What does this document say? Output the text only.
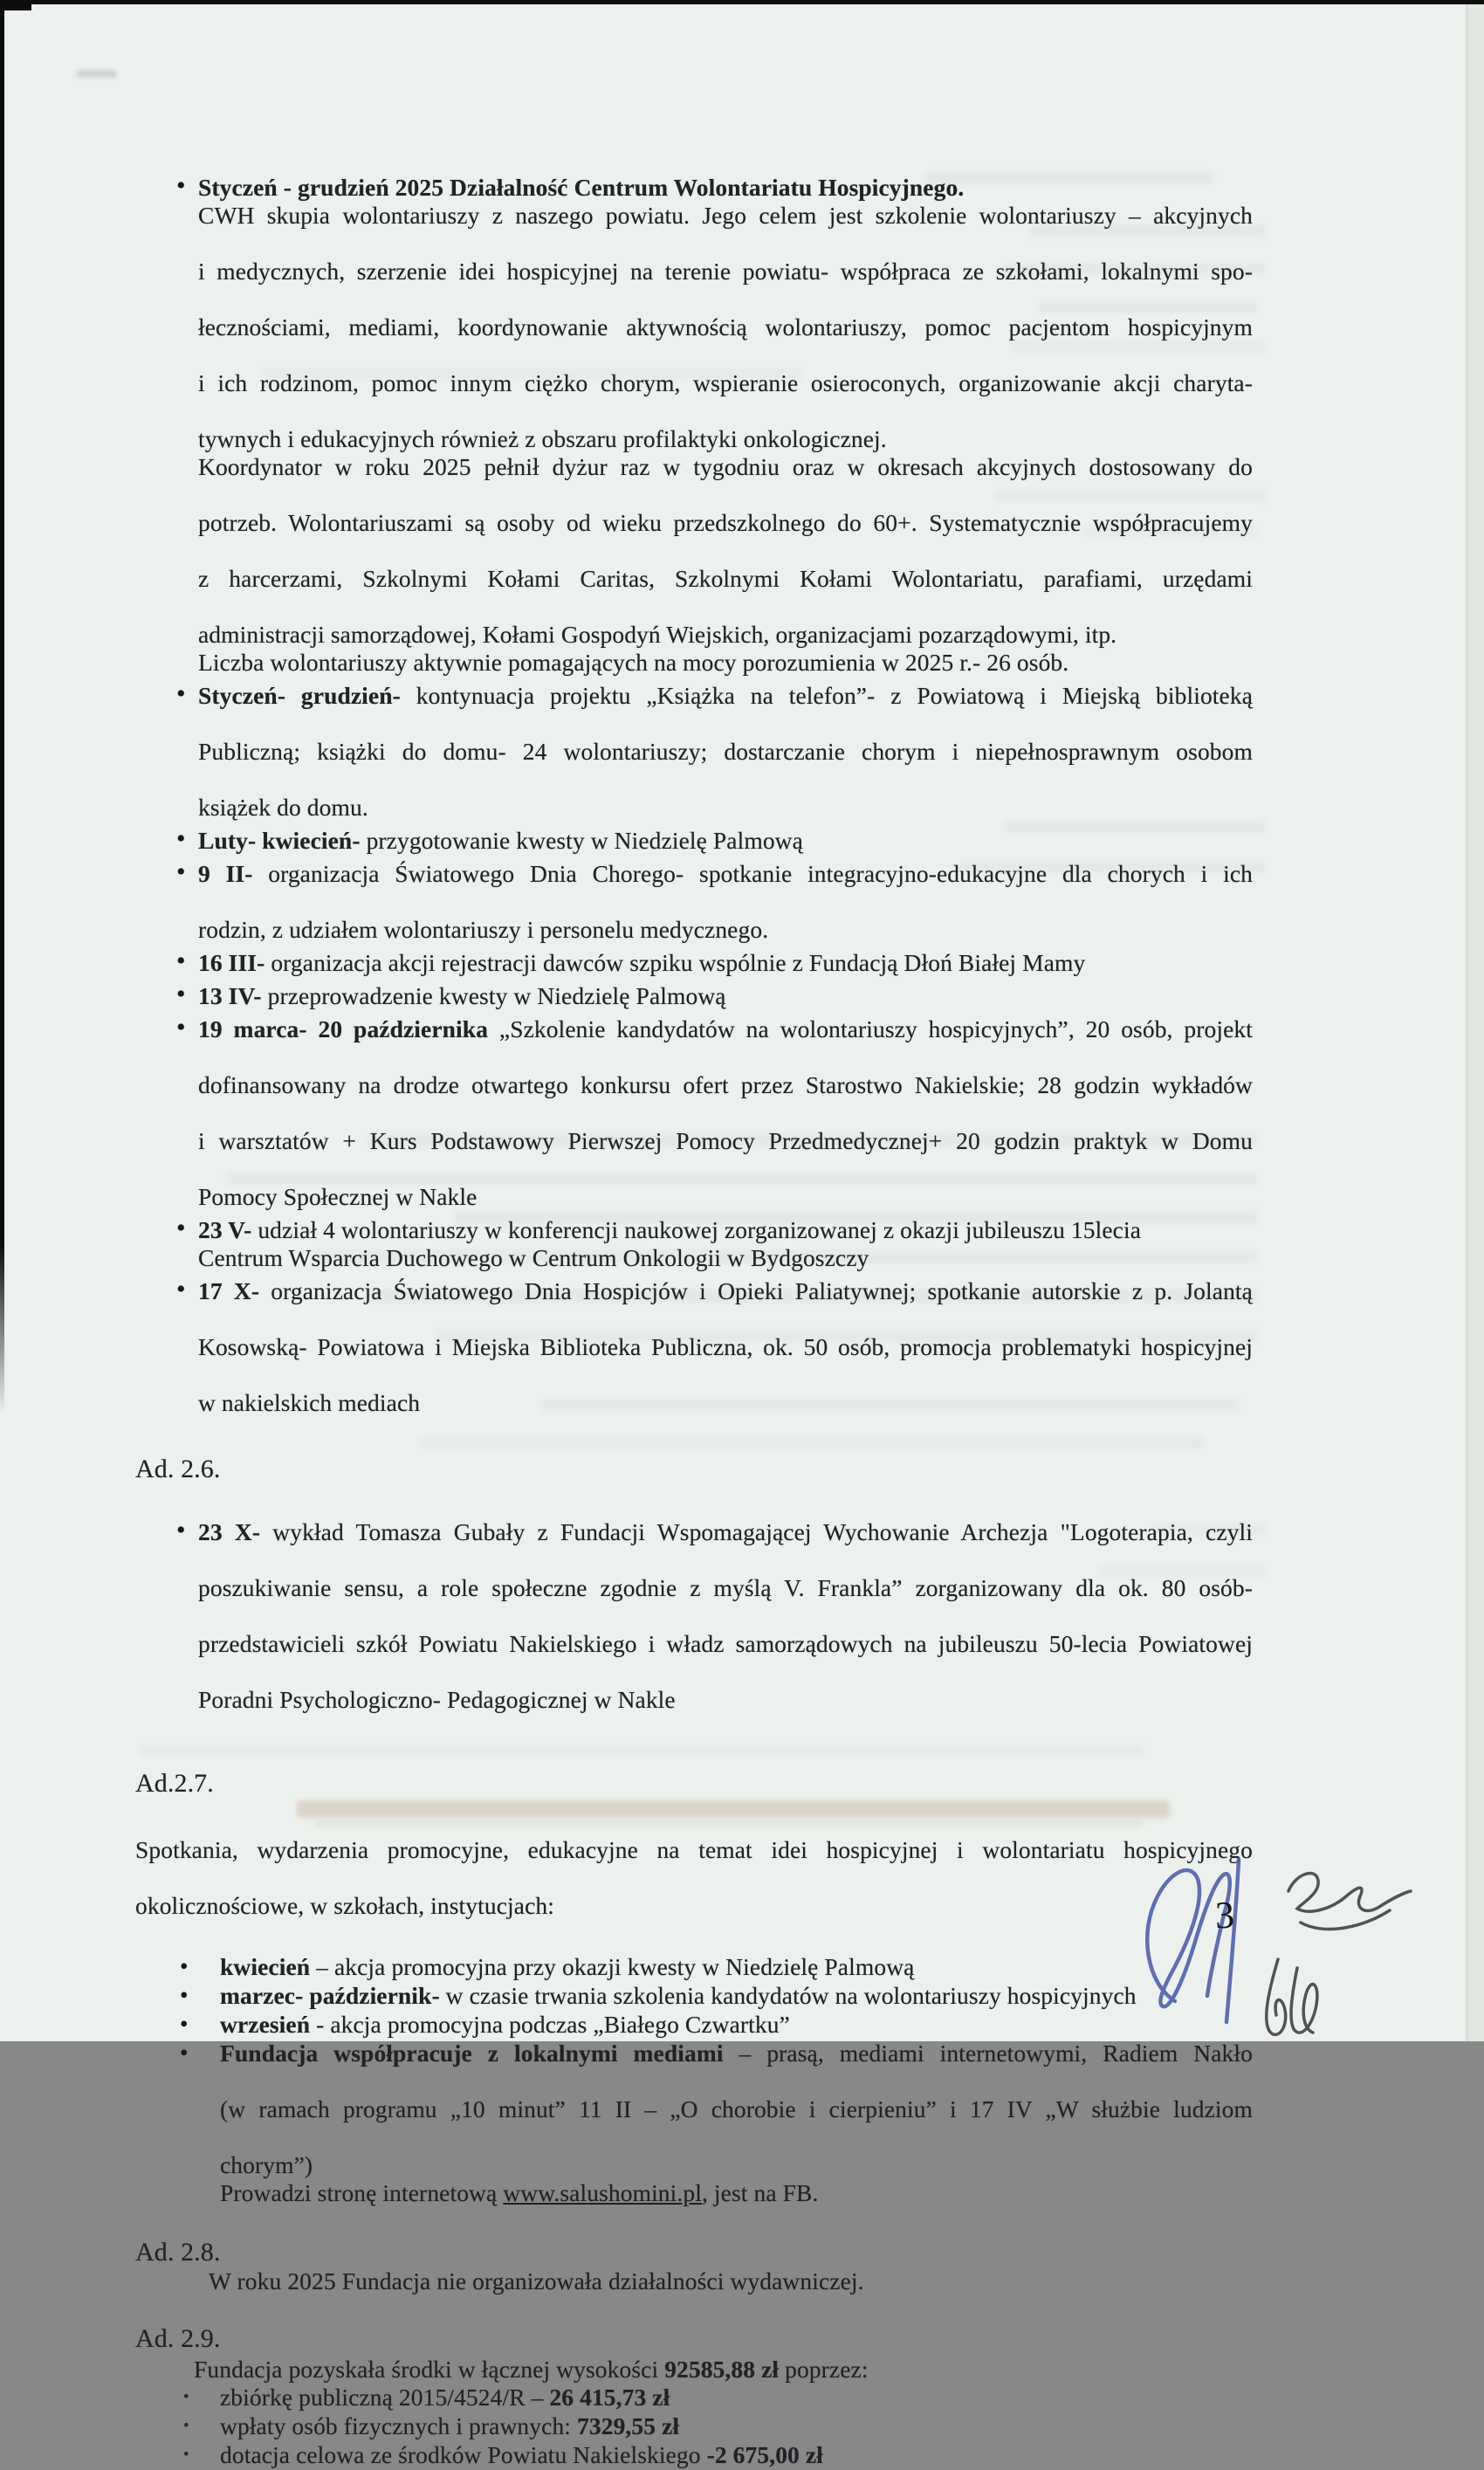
• Styczeń - grudzień 2025 Działalność Centrum Wolontariatu Hospicyjnego.
CWH skupia wolontariuszy z naszego powiatu. Jego celem jest szkolenie wolontariuszy – akcyjnych
i medycznych, szerzenie idei hospicyjnej na terenie powiatu- współpraca ze szkołami, lokalnymi spo-
łecznościami, mediami, koordynowanie aktywnością wolontariuszy, pomoc pacjentom hospicyjnym
i ich rodzinom, pomoc innym ciężko chorym, wspieranie osieroconych, organizowanie akcji charyta-
tywnych i edukacyjnych również z obszaru profilaktyki onkologicznej.
Koordynator w roku 2025 pełnił dyżur raz w tygodniu oraz w okresach akcyjnych dostosowany do
potrzeb. Wolontariuszami są osoby od wieku przedszkolnego do 60+. Systematycznie współpracujemy
z harcerzami, Szkolnymi Kołami Caritas, Szkolnymi Kołami Wolontariatu, parafiami, urzędami
administracji samorządowej, Kołami Gospodyń Wiejskich, organizacjami pozarządowymi, itp.
Liczba wolontariuszy aktywnie pomagających na mocy porozumienia w 2025 r.- 26 osób.
• Styczeń- grudzień- kontynuacja projektu „Książka na telefon”- z Powiatową i Miejską biblioteką
Publiczną; książki do domu- 24 wolontariuszy; dostarczanie chorym i niepełnosprawnym osobom
książek do domu.
• Luty- kwiecień- przygotowanie kwesty w Niedzielę Palmową
• 9 II- organizacja Światowego Dnia Chorego- spotkanie integracyjno-edukacyjne dla chorych i ich
rodzin, z udziałem wolontariuszy i personelu medycznego.
• 16 III- organizacja akcji rejestracji dawców szpiku wspólnie z Fundacją Dłoń Białej Mamy
• 13 IV- przeprowadzenie kwesty w Niedzielę Palmową
• 19 marca- 20 października „Szkolenie kandydatów na wolontariuszy hospicyjnych”, 20 osób, projekt
dofinansowany na drodze otwartego konkursu ofert przez Starostwo Nakielskie; 28 godzin wykładów
i warsztatów + Kurs Podstawowy Pierwszej Pomocy Przedmedycznej+ 20 godzin praktyk w Domu
Pomocy Społecznej w Nakle
• 23 V- udział 4 wolontariuszy w konferencji naukowej zorganizowanej z okazji jubileuszu 15lecia
Centrum Wsparcia Duchowego w Centrum Onkologii w Bydgoszczy
• 17 X- organizacja Światowego Dnia Hospicjów i Opieki Paliatywnej; spotkanie autorskie z p. Jolantą
Kosowską- Powiatowa i Miejska Biblioteka Publiczna, ok. 50 osób, promocja problematyki hospicyjnej
w nakielskich mediach
Ad. 2.6.
• 23 X- wykład Tomasza Gubały z Fundacji Wspomagającej Wychowanie Archezja "Logoterapia, czyli
poszukiwanie sensu, a role społeczne zgodnie z myślą V. Frankla” zorganizowany dla ok. 80 osób-
przedstawicieli szkół Powiatu Nakielskiego i władz samorządowych na jubileuszu 50-lecia Powiatowej
Poradni Psychologiczno- Pedagogicznej w Nakle
Ad.2.7.
Spotkania, wydarzenia promocyjne, edukacyjne na temat idei hospicyjnej i wolontariatu hospicyjnego
okolicznościowe, w szkołach, instytucjach:
• kwiecień – akcja promocyjna przy okazji kwesty w Niedzielę Palmową
• marzec- październik- w czasie trwania szkolenia kandydatów na wolontariuszy hospicyjnych
• wrzesień - akcja promocyjna podczas „Białego Czwartku”
• Fundacja współpracuje z lokalnymi mediami – prasą, mediami internetowymi, Radiem Nakło
(w ramach programu „10 minut” 11 II – „O chorobie i cierpieniu” i 17 IV „W służbie ludziom
chorym”)
Prowadzi stronę internetową www.salushomini.pl, jest na FB.
Ad. 2.8.
W roku 2025 Fundacja nie organizowała działalności wydawniczej.
Ad. 2.9.
Fundacja pozyskała środki w łącznej wysokości 92585,88 zł poprzez:
• zbiórkę publiczną 2015/4524/R – 26 415,73 zł
• wpłaty osób fizycznych i prawnych: 7329,55 zł
• dotacja celowa ze środków Powiatu Nakielskiego -2 675,00 zł
3
